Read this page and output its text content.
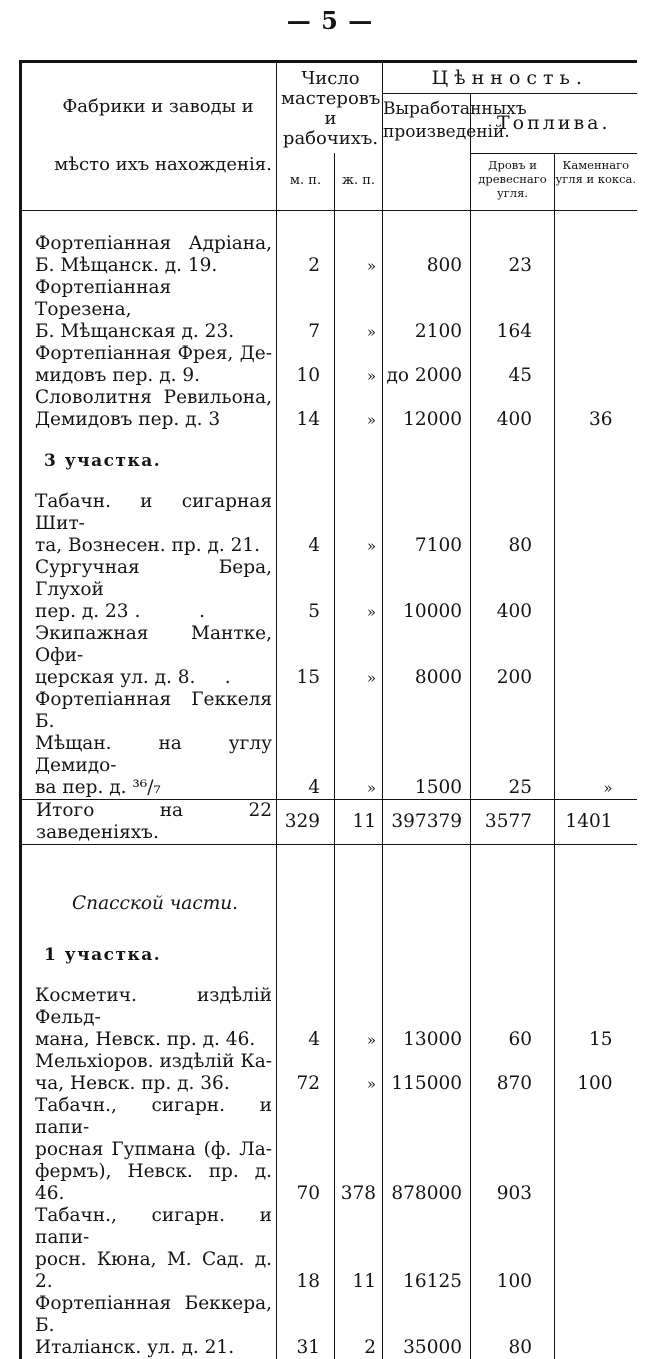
— 5 —
Фабрики и заводы и
мѣсто ихъ нахожденія.	Число мастеровъ и рабочихъ.		Цѣнность.		
			Выработанныхъ произведеній.	Топлива.	
	м. п.	ж. п.		Дровъ и древеснаго угля.	Каменнаго угля и кокса.

Фортепіанная Адріана,
Б. Мѣщанск. д. 19.	2	»	800	23	

Фортепіанная Торезена,
Б. Мѣщанская д. 23.	7	»	2100	164	

Фортепіанная Фрея, Де-
мидовъ пер. д. 9.	10	»	до 2000	45	

Словолитня Ревильона,
Демидовъ пер. д. 3	14	»	12000	400	36
3 участка.					

Табачн. и сигарная Шит-
та, Вознесен. пр. д. 21.	4	»	7100	80	

Сургучная Бера, Глухой
пер. д. 23 .          .	5	»	10000	400	

Экипажная Мантке, Офи-
церская ул. д. 8.     .	15	»	8000	200	

Фортепіанная Геккеля Б.
Мѣщан. на углу Демидо-
ва пер. д. ³⁶/₇	4	»	1500	25	»
Итого на 22 заведеніяхъ.	329	11	397379	3577	1401
Спасской части.					
1 участка.					

Косметич. издѣлій Фельд-
мана, Невск. пр. д. 46.	4	»	13000	60	15

Мельхіоров. издѣлій Ка-
ча, Невск. пр. д. 36.	72	»	115000	870	100

Табачн., сигарн. и папи-
росная Гупмана (ф. Ла-
фермъ), Невск. пр. д. 46.	70	378	878000	903	

Табачн., сигарн. и папи-
росн. Кюна, М. Сад. д. 2.	18	11	16125	100	

Фортепіанная Беккера, Б.
Италіанск. ул. д. 21.	31	2	35000	80	
